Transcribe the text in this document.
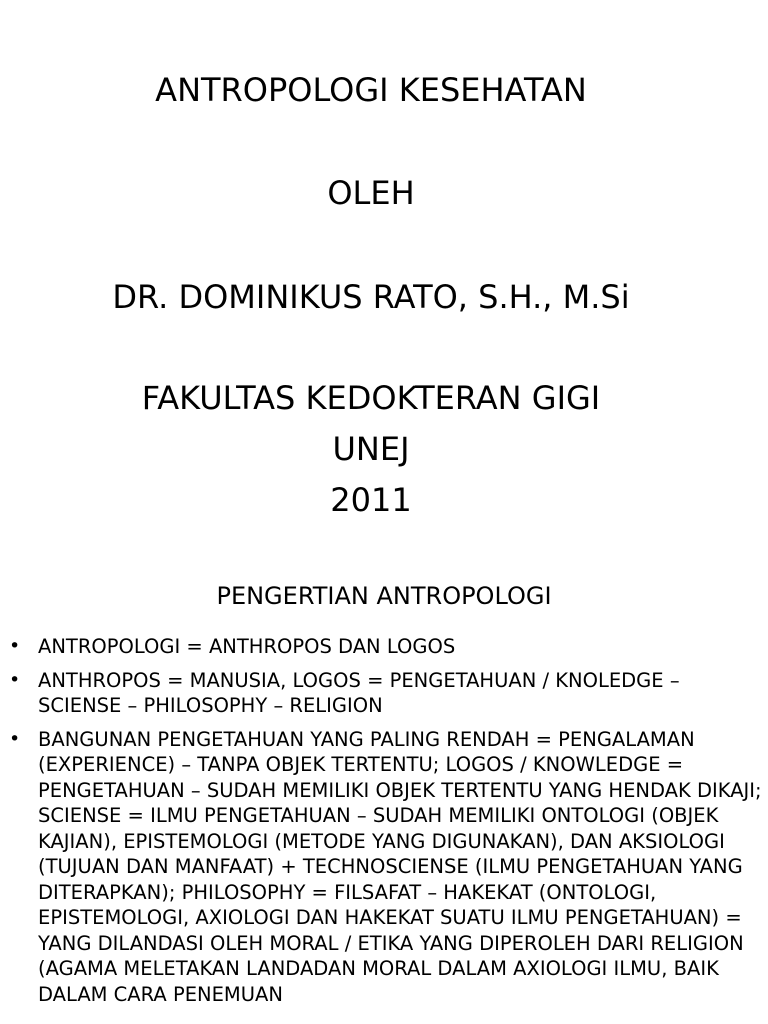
ANTROPOLOGI KESEHATAN
OLEH
DR. DOMINIKUS RATO, S.H., M.Si
FAKULTAS KEDOKTERAN GIGI
UNEJ
2011
PENGERTIAN ANTROPOLOGI
• ANTROPOLOGI = ANTHROPOS DAN LOGOS
• ANTHROPOS = MANUSIA, LOGOS = PENGETAHUAN / KNOLEDGE – SCIENSE – PHILOSOPHY – RELIGION
• BANGUNAN PENGETAHUAN YANG PALING RENDAH = PENGALAMAN (EXPERIENCE) – TANPA OBJEK TERTENTU; LOGOS / KNOWLEDGE = PENGETAHUAN – SUDAH MEMILIKI OBJEK TERTENTU YANG HENDAK DIKAJI; SCIENSE = ILMU PENGETAHUAN – SUDAH MEMILIKI ONTOLOGI (OBJEK KAJIAN), EPISTEMOLOGI (METODE YANG DIGUNAKAN), DAN AKSIOLOGI (TUJUAN DAN MANFAAT) + TECHNOSCIENSE (ILMU PENGETAHUAN YANG DITERAPKAN); PHILOSOPHY = FILSAFAT – HAKEKAT (ONTOLOGI, EPISTEMOLOGI, AXIOLOGI DAN HAKEKAT SUATU ILMU PENGETAHUAN) = YANG DILANDASI OLEH MORAL / ETIKA YANG DIPEROLEH DARI RELIGION (AGAMA MELETAKAN LANDADAN MORAL DALAM AXIOLOGI ILMU, BAIK DALAM CARA PENEMUAN
